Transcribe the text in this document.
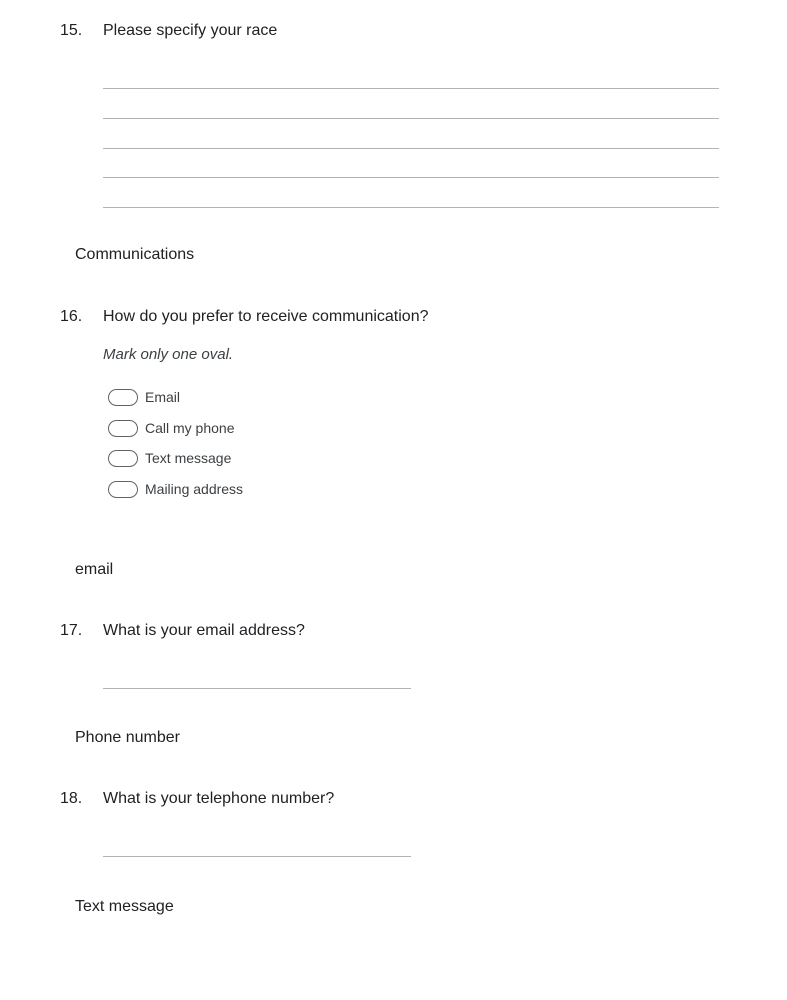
15. Please specify your race
Communications
16. How do you prefer to receive communication?
Mark only one oval.
Email
Call my phone
Text message
Mailing address
email
17. What is your email address?
Phone number
18. What is your telephone number?
Text message
